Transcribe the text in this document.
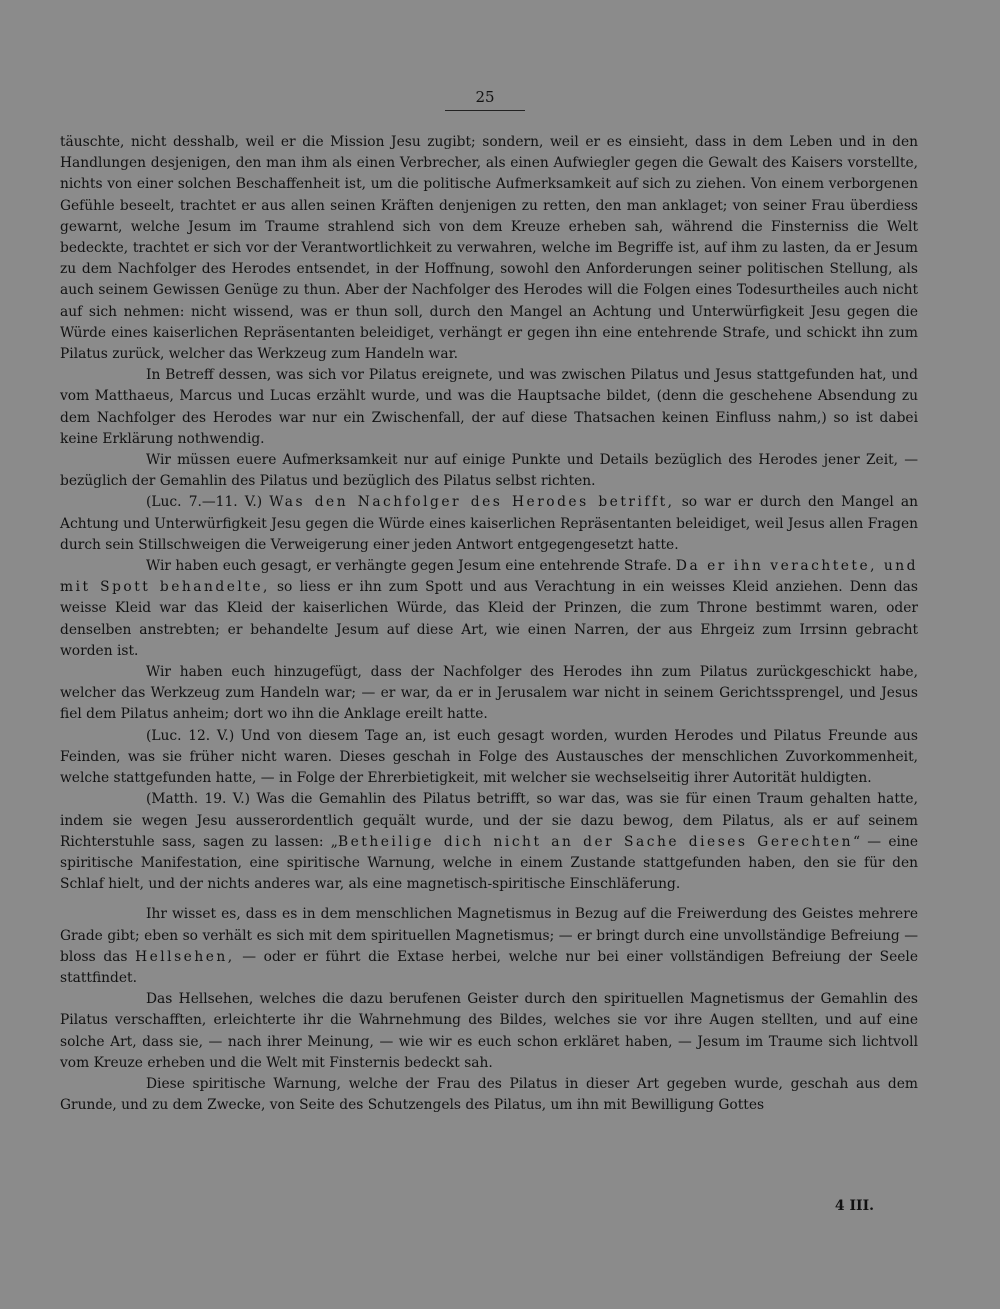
25

täuschte, nicht desshalb, weil er die Mission Jesu zugibt; sondern, weil er es einsieht, dass in dem Leben und in den Handlungen desjenigen, den man ihm als einen Verbrecher, als einen Aufwiegler gegen die Gewalt des Kaisers vorstellte, nichts von einer solchen Beschaffenheit ist, um die politische Aufmerksamkeit auf sich zu ziehen. Von einem verborgenen Gefühle beseelt, trachtet er aus allen seinen Kräften denjenigen zu retten, den man anklaget; von seiner Frau überdiess gewarnt, welche Jesum im Traume strahlend sich von dem Kreuze erheben sah, während die Finsterniss die Welt bedeckte, trachtet er sich vor der Verantwortlichkeit zu verwahren, welche im Begriffe ist, auf ihm zu lasten, da er Jesum zu dem Nachfolger des Herodes entsendet, in der Hoffnung, sowohl den Anforderungen seiner politischen Stellung, als auch seinem Gewissen Genüge zu thun. Aber der Nachfolger des Herodes will die Folgen eines Todesurtheiles auch nicht auf sich nehmen: nicht wissend, was er thun soll, durch den Mangel an Achtung und Unterwürfigkeit Jesu gegen die Würde eines kaiserlichen Repräsentanten beleidiget, verhängt er gegen ihn eine entehrende Strafe, und schickt ihn zum Pilatus zurück, welcher das Werkzeug zum Handeln war.

In Betreff dessen, was sich vor Pilatus ereignete, und was zwischen Pilatus und Jesus stattgefunden hat, und vom Matthaeus, Marcus und Lucas erzählt wurde, und was die Hauptsache bildet, (denn die geschehene Absendung zu dem Nachfolger des Herodes war nur ein Zwischenfall, der auf diese Thatsachen keinen Einfluss nahm,) so ist dabei keine Erklärung nothwendig.

Wir müssen euere Aufmerksamkeit nur auf einige Punkte und Details bezüglich des Herodes jener Zeit, — bezüglich der Gemahlin des Pilatus und bezüglich des Pilatus selbst richten.

(Luc. 7.—11. V.) Was den Nachfolger des Herodes betrifft, so war er durch den Mangel an Achtung und Unterwürfigkeit Jesu gegen die Würde eines kaiserlichen Repräsentanten beleidiget, weil Jesus allen Fragen durch sein Stillschweigen die Verweigerung einer jeden Antwort entgegengesetzt hatte.

Wir haben euch gesagt, er verhängte gegen Jesum eine entehrende Strafe. Da er ihn verachtete, und mit Spott behandelte, so liess er ihn zum Spott und aus Verachtung in ein weisses Kleid anziehen. Denn das weisse Kleid war das Kleid der kaiserlichen Würde, das Kleid der Prinzen, die zum Throne bestimmt waren, oder denselben anstrebten; er behandelte Jesum auf diese Art, wie einen Narren, der aus Ehrgeiz zum Irrsinn gebracht worden ist.

Wir haben euch hinzugefügt, dass der Nachfolger des Herodes ihn zum Pilatus zurückgeschickt habe, welcher das Werkzeug zum Handeln war; — er war, da er in Jerusalem war nicht in seinem Gerichtssprengel, und Jesus fiel dem Pilatus anheim; dort wo ihn die Anklage ereilt hatte.

(Luc. 12. V.) Und von diesem Tage an, ist euch gesagt worden, wurden Herodes und Pilatus Freunde aus Feinden, was sie früher nicht waren. Dieses geschah in Folge des Austausches der menschlichen Zuvorkommenheit, welche stattgefunden hatte, — in Folge der Ehrerbietigkeit, mit welcher sie wechselseitig ihrer Autorität huldigten.

(Matth. 19. V.) Was die Gemahlin des Pilatus betrifft, so war das, was sie für einen Traum gehalten hatte, indem sie wegen Jesu ausserordentlich gequält wurde, und der sie dazu bewog, dem Pilatus, als er auf seinem Richterstuhle sass, sagen zu lassen: „Betheilige dich nicht an der Sache dieses Gerechten“ — eine spiritische Manifestation, eine spiritische Warnung, welche in einem Zustande stattgefunden haben, den sie für den Schlaf hielt, und der nichts anderes war, als eine magnetisch-spiritische Einschläferung.

Ihr wisset es, dass es in dem menschlichen Magnetismus in Bezug auf die Freiwerdung des Geistes mehrere Grade gibt; eben so verhält es sich mit dem spirituellen Magnetismus; — er bringt durch eine unvollständige Befreiung — bloss das Hellsehen, — oder er führt die Extase herbei, welche nur bei einer vollständigen Befreiung der Seele stattfindet.

Das Hellsehen, welches die dazu berufenen Geister durch den spirituellen Magnetismus der Gemahlin des Pilatus verschafften, erleichterte ihr die Wahrnehmung des Bildes, welches sie vor ihre Augen stellten, und auf eine solche Art, dass sie, — nach ihrer Meinung, — wie wir es euch schon erkläret haben, — Jesum im Traume sich lichtvoll vom Kreuze erheben und die Welt mit Finsternis bedeckt sah.

Diese spiritische Warnung, welche der Frau des Pilatus in dieser Art gegeben wurde, geschah aus dem Grunde, und zu dem Zwecke, von Seite des Schutzengels des Pilatus, um ihn mit Bewilligung Gottes

4 III.
